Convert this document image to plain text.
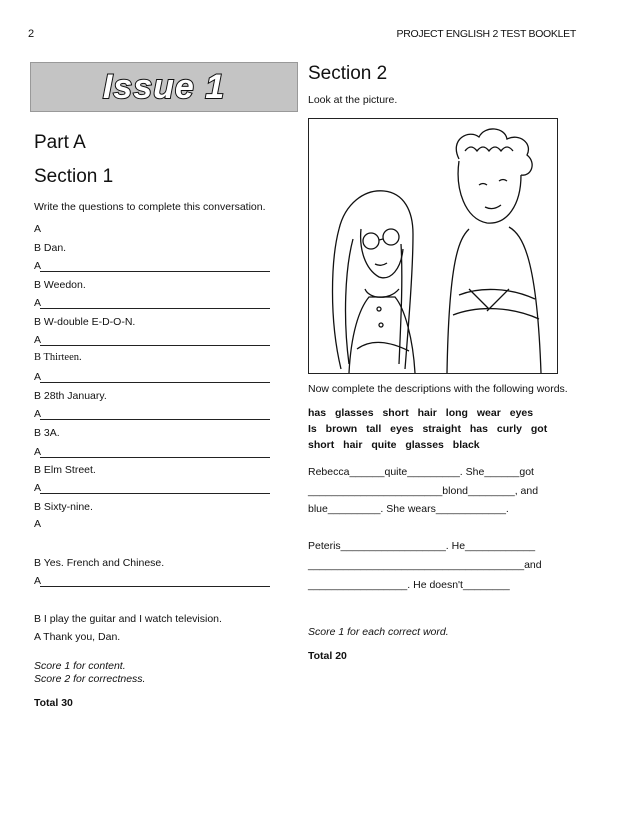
2	PROJECT ENGLISH 2 TEST BOOKLET
Issue 1
Part A
Section 1
Write the questions to complete this conversation.
A
B Dan.
A
B Weedon.
A
B W-double E-D-O-N.
A
B Thirteen.
A
B 28th January.
A
B 3A.
A
B Elm Street.
A
B Sixty-nine.
A
B Yes. French and Chinese.
A
B I play the guitar and I watch television.
A Thank you, Dan.
Score 1 for content.
Score 2 for correctness.
Total 30
Section 2
Look at the picture.
Now complete the descriptions with the following words.
has glasses short hair long wear eyes
Is brown tall eyes straight has curly got
short hair quite glasses black
Rebecca______quite_________. She______got
_______________________blond________, and
blue_________. She wears____________.
Peteris__________________. He____________
_____________________________________and
_________________. He doesn't________
Score 1 for each correct word.
Total 20
